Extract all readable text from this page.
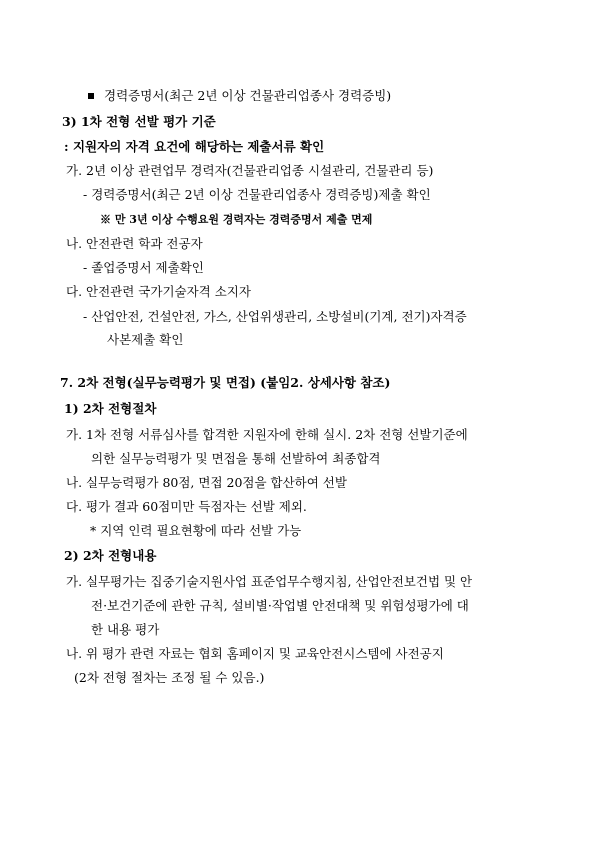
경력증명서(최근 2년 이상 건물관리업종사 경력증빙)
3) 1차 전형 선발 평가 기준
: 지원자의 자격 요건에 해당하는 제출서류 확인
가. 2년 이상 관련업무 경력자(건물관리업종 시설관리, 건물관리 등)
- 경력증명서(최근 2년 이상 건물관리업종사 경력증빙)제출 확인
※ 만 3년 이상 수행요원 경력자는 경력증명서 제출 면제
나. 안전관련 학과 전공자
- 졸업증명서 제출확인
다. 안전관련 국가기술자격 소지자
- 산업안전, 건설안전, 가스, 산업위생관리, 소방설비(기계, 전기)자격증
사본제출 확인
7. 2차 전형(실무능력평가 및 면접) (붙임2. 상세사항 참조)
1) 2차 전형절차
가. 1차 전형 서류심사를 합격한 지원자에 한해 실시. 2차 전형 선발기준에
의한 실무능력평가 및 면접을 통해 선발하여 최종합격
나. 실무능력평가 80점, 면접 20점을 합산하여 선발
다. 평가 결과 60점미만 득점자는 선발 제외.
* 지역 인력 필요현황에 따라 선발 가능
2) 2차 전형내용
가. 실무평가는 집중기술지원사업 표준업무수행지침, 산업안전보건법 및 안
전·보건기준에 관한 규칙, 설비별·작업별 안전대책 및 위험성평가에 대
한 내용 평가
나. 위 평가 관련 자료는 협회 홈페이지 및 교육안전시스템에 사전공지
(2차 전형 절차는 조정 될 수 있음.)
